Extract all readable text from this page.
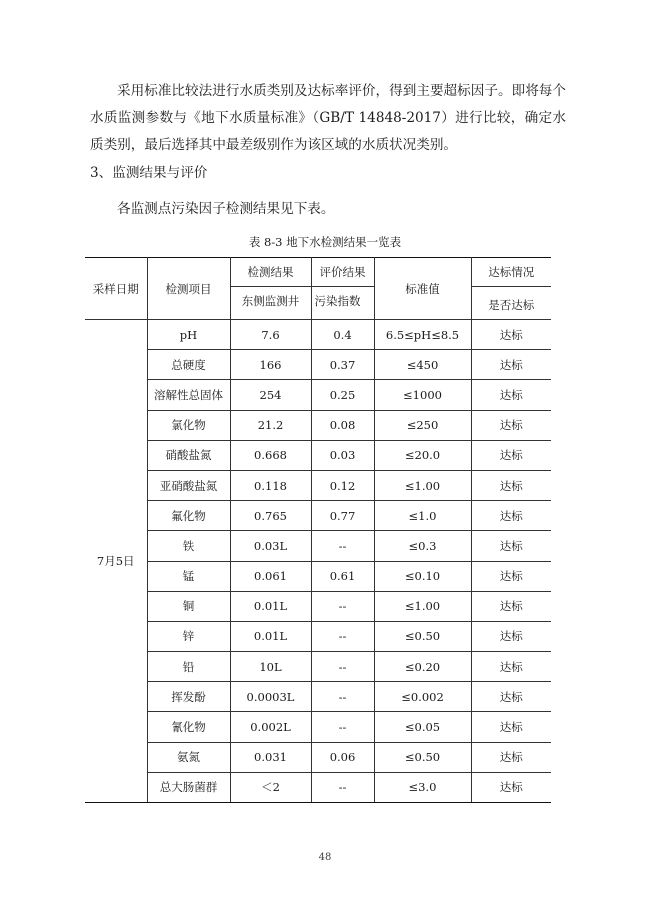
采用标准比较法进行水质类别及达标率评价，得到主要超标因子。即将每个水质监测参数与《地下水质量标准》（GB/T 14848-2017）进行比较，确定水质类别，最后选择其中最差级别作为该区域的水质状况类别。

3、监测结果与评价

各监测点污染因子检测结果见下表。

表 8-3 地下水检测结果一览表
采样日期	检测项目	检测结果	评价结果	标准值	达标情况
		东侧监测井	污染指数		是否达标

7月5日	pH	7.6	0.4	6.5≤pH≤8.5	达标
	总硬度	166	0.37	≤450	达标
	溶解性总固体	254	0.25	≤1000	达标
	氯化物	21.2	0.08	≤250	达标
	硝酸盐氮	0.668	0.03	≤20.0	达标
	亚硝酸盐氮	0.118	0.12	≤1.00	达标
	氟化物	0.765	0.77	≤1.0	达标
	铁	0.03L	--	≤0.3	达标
	锰	0.061	0.61	≤0.10	达标
	铜	0.01L	--	≤1.00	达标
	锌	0.01L	--	≤0.50	达标
	铅	10L	--	≤0.20	达标
	挥发酚	0.0003L	--	≤0.002	达标
	氰化物	0.002L	--	≤0.05	达标
	氨氮	0.031	0.06	≤0.50	达标
	总大肠菌群	＜2	--	≤3.0	达标
48
